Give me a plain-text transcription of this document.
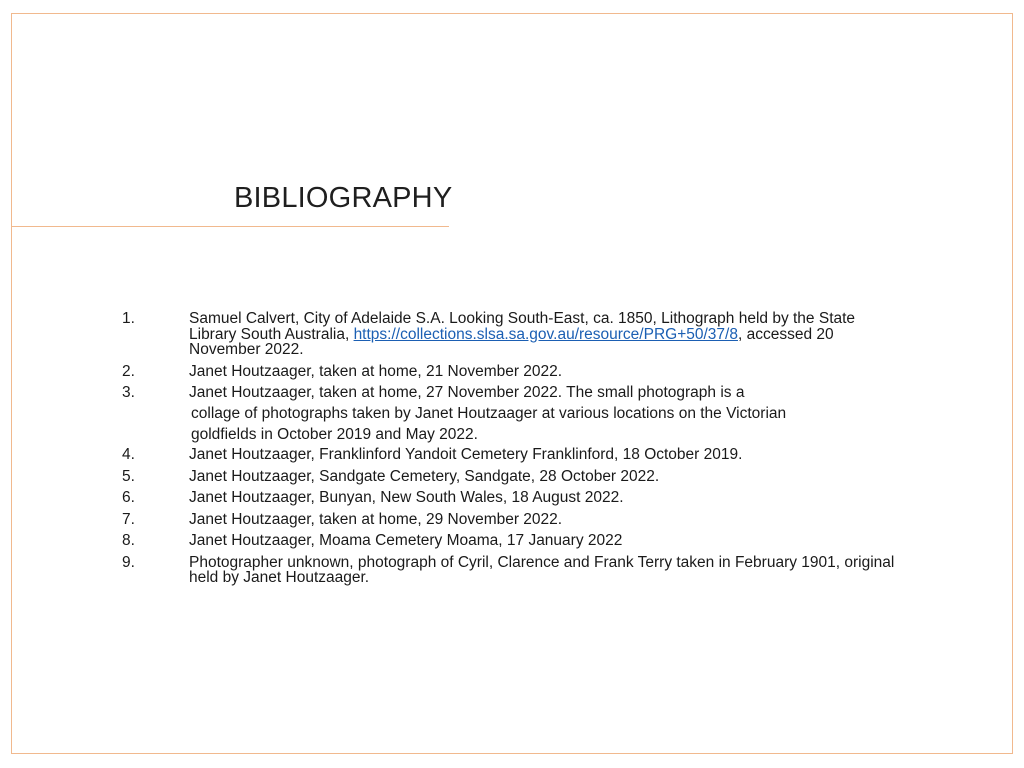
BIBLIOGRAPHY
1.	Samuel Calvert, City of Adelaide S.A. Looking South-East, ca. 1850, Lithograph held by the State Library South Australia, https://collections.slsa.sa.gov.au/resource/PRG+50/37/8, accessed 20 November 2022.
2.	Janet Houtzaager, taken at home, 21 November 2022.
3.	Janet Houtzaager, taken at home, 27 November 2022. The small photograph is a
collage of photographs taken by Janet Houtzaager at various locations on the Victorian
goldfields in October 2019 and May 2022.
4.	Janet Houtzaager, Franklinford Yandoit Cemetery Franklinford, 18 October 2019.
5.	Janet Houtzaager, Sandgate Cemetery, Sandgate, 28 October 2022.
6.	Janet Houtzaager, Bunyan, New South Wales, 18 August 2022.
7.	Janet Houtzaager, taken at home, 29 November 2022.
8.	Janet Houtzaager, Moama Cemetery Moama, 17 January 2022
9.	Photographer unknown, photograph of Cyril, Clarence and Frank Terry taken in February 1901, original held by Janet Houtzaager.
